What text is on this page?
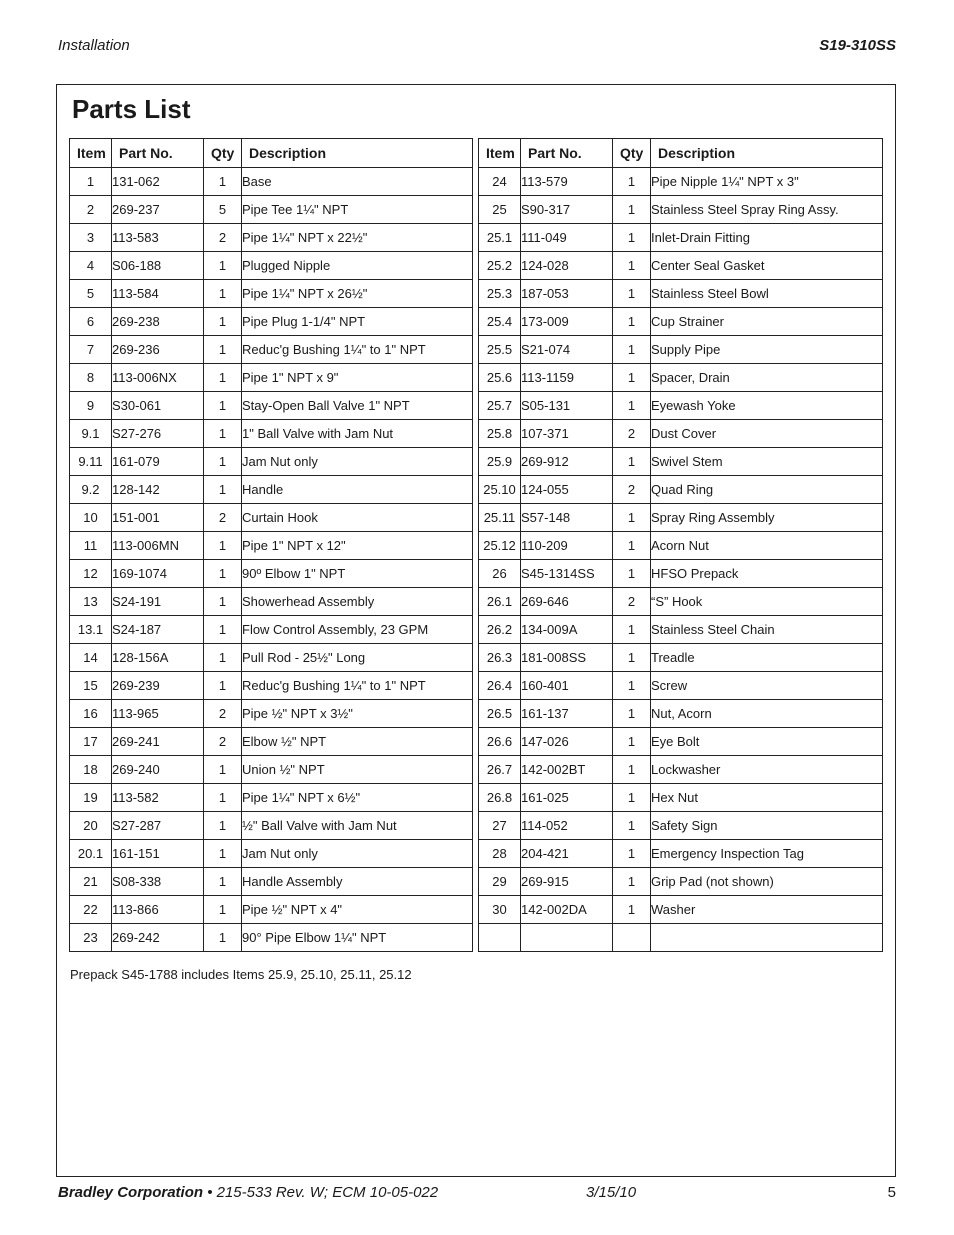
Installation	S19-310SS
Parts List
Item	Part No.	Qty	Description
1	131-062	1	Base
2	269-237	5	Pipe Tee 1¼" NPT
3	113-583	2	Pipe 1¼" NPT x 22½"
4	S06-188	1	Plugged Nipple
5	113-584	1	Pipe 1¼" NPT x 26½"
6	269-238	1	Pipe Plug 1-1/4" NPT
7	269-236	1	Reduc'g Bushing 1¼" to 1" NPT
8	113-006NX	1	Pipe 1" NPT x 9"
9	S30-061	1	Stay-Open Ball Valve 1" NPT
9.1	S27-276	1	1" Ball Valve with Jam Nut
9.11	161-079	1	Jam Nut only
9.2	128-142	1	Handle
10	151-001	2	Curtain Hook
11	113-006MN	1	Pipe 1" NPT x 12"
12	169-1074	1	90º Elbow 1" NPT
13	S24-191	1	Showerhead Assembly
13.1	S24-187	1	Flow Control Assembly, 23 GPM
14	128-156A	1	Pull Rod - 25½" Long
15	269-239	1	Reduc'g Bushing 1¼" to 1" NPT
16	113-965	2	Pipe ½" NPT x 3½"
17	269-241	2	Elbow ½" NPT
18	269-240	1	Union ½" NPT
19	113-582	1	Pipe 1¼" NPT x 6½"
20	S27-287	1	½" Ball Valve with Jam Nut
20.1	161-151	1	Jam Nut only
21	S08-338	1	Handle Assembly
22	113-866	1	Pipe ½" NPT x 4"
23	269-242	1	90° Pipe Elbow 1¼" NPT
Item	Part No.	Qty	Description
24	113-579	1	Pipe Nipple 1¼" NPT x 3"
25	S90-317	1	Stainless Steel Spray Ring Assy.
25.1	111-049	1	Inlet-Drain Fitting
25.2	124-028	1	Center Seal Gasket
25.3	187-053	1	Stainless Steel Bowl
25.4	173-009	1	Cup Strainer
25.5	S21-074	1	Supply Pipe
25.6	113-1159	1	Spacer, Drain
25.7	S05-131	1	Eyewash Yoke
25.8	107-371	2	Dust Cover
25.9	269-912	1	Swivel Stem
25.10	124-055	2	Quad Ring
25.11	S57-148	1	Spray Ring Assembly
25.12	110-209	1	Acorn Nut
26	S45-1314SS	1	HFSO Prepack
26.1	269-646	2	“S” Hook
26.2	134-009A	1	Stainless Steel Chain
26.3	181-008SS	1	Treadle
26.4	160-401	1	Screw
26.5	161-137	1	Nut, Acorn
26.6	147-026	1	Eye Bolt
26.7	142-002BT	1	Lockwasher
26.8	161-025	1	Hex Nut
27	114-052	1	Safety Sign
28	204-421	1	Emergency Inspection Tag
29	269-915	1	Grip Pad (not shown)
30	142-002DA	1	Washer

Prepack S45-1788 includes Items 25.9, 25.10, 25.11, 25.12
Bradley Corporation • 215-533 Rev. W; ECM 10-05-022	3/15/10	5
